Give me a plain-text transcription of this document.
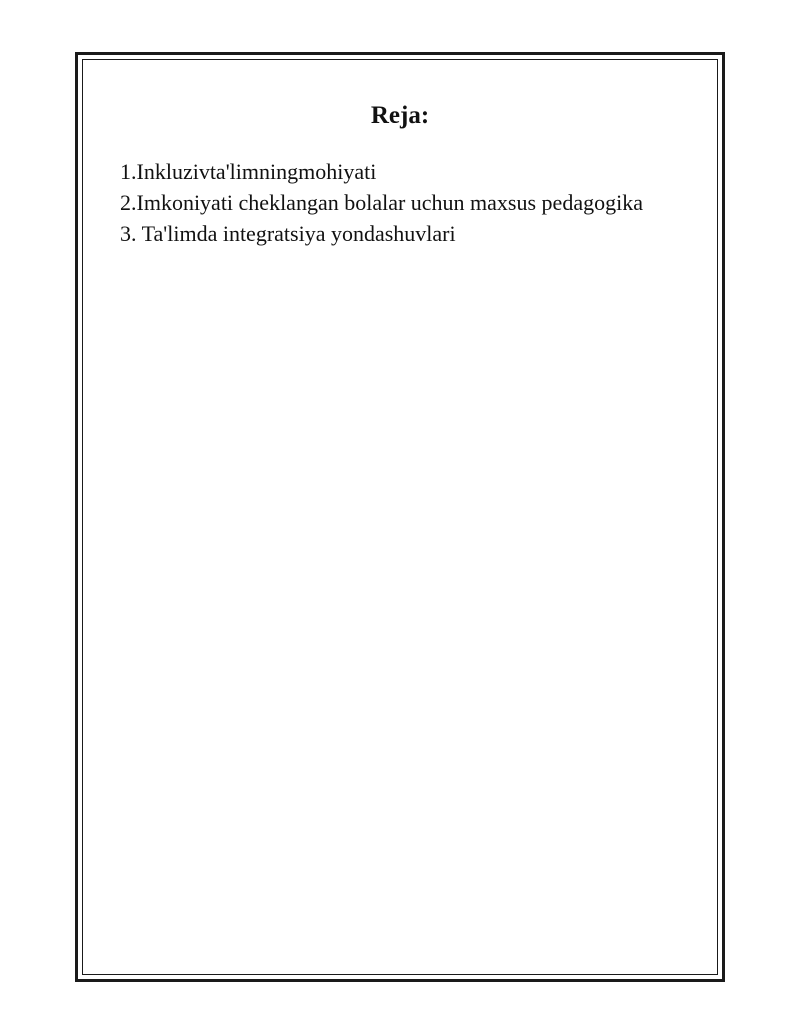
Reja:
1.Inkluzivta'limningmohiyati
2.Imkoniyati cheklangan bolalar uchun maxsus pedagogika
3. Ta'limda integratsiya yondashuvlari
